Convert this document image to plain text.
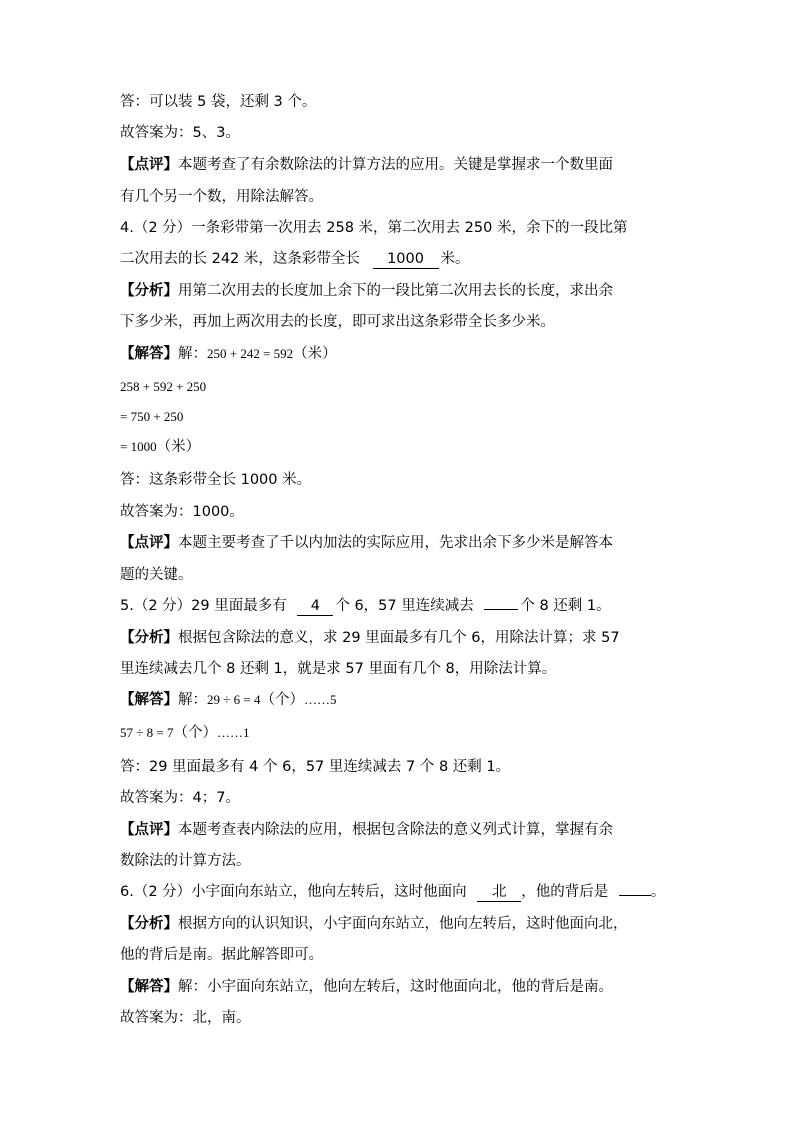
答：可以装 5 袋，还剩 3 个。
故答案为：5、3。
【点评】本题考查了有余数除法的计算方法的应用。关键是掌握求一个数里面
有几个另一个数，用除法解答。
4.（2 分）一条彩带第一次用去 258 米，第二次用去 250 米，余下的一段比第
二次用去的长 242 米，这条彩带全长 1000 米。
【分析】用第二次用去的长度加上余下的一段比第二次用去长的长度，求出余
下多少米，再加上两次用去的长度，即可求出这条彩带全长多少米。
【解答】解：250 + 242 = 592（米）
258 + 592 + 250
= 750 + 250
= 1000（米）
答：这条彩带全长 1000 米。
故答案为：1000。
【点评】本题主要考查了千以内加法的实际应用，先求出余下多少米是解答本
题的关键。
5.（2 分）29 里面最多有 4 个 6，57 里连续减去	个 8 还剩 1。
【分析】根据包含除法的意义，求 29 里面最多有几个 6，用除法计算；求 57
里连续减去几个 8 还剩 1，就是求 57 里面有几个 8，用除法计算。
【解答】解：29 ÷ 6 = 4（个）……5
57 ÷ 8 = 7（个）……1
答：29 里面最多有 4 个 6，57 里连续减去 7 个 8 还剩 1。
故答案为：4；7。
【点评】本题考查表内除法的应用，根据包含除法的意义列式计算，掌握有余
数除法的计算方法。
6.（2 分）小宇面向东站立，他向左转后，这时他面向 北 ，他的背后是	。
【分析】根据方向的认识知识，小宇面向东站立，他向左转后，这时他面向北，
他的背后是南。据此解答即可。
【解答】解：小宇面向东站立，他向左转后，这时他面向北，他的背后是南。
故答案为：北，南。
